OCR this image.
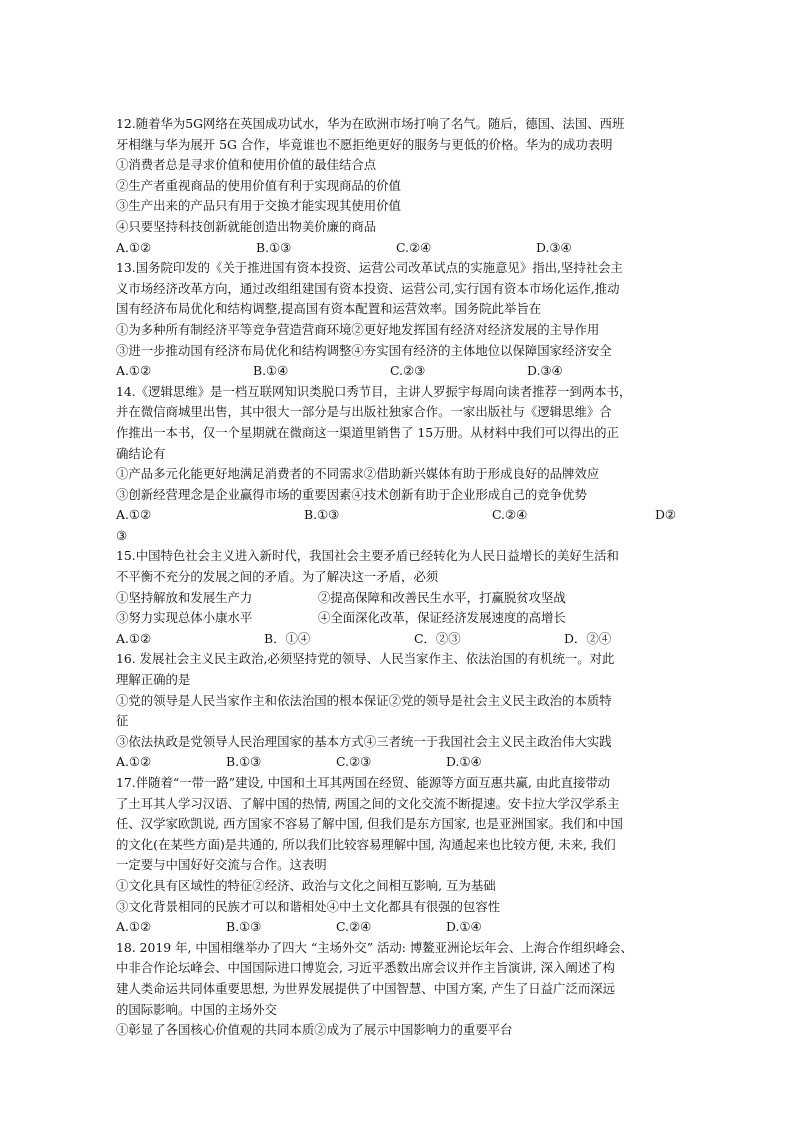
12.随着华为5G网络在英国成功试水，华为在欧洲市场打响了名气。随后，德国、法国、西班
牙相继与华为展开 5G 合作，毕竟谁也不愿拒绝更好的服务与更低的价格。华为的成功表明
①消费者总是寻求价值和使用价值的最佳结合点
②生产者重视商品的使用价值有利于实现商品的价值
③生产出来的产品只有用于交换才能实现其使用价值
④只要坚持科技创新就能创造出物美价廉的商品
A.①②	B.①③	C.②④	D.③④
13.国务院印发的《关于推进国有资本投资、运营公司改革试点的实施意见》指出,坚持社会主
义市场经济改革方向，通过改组组建国有资本投资、运营公司,实行国有资本市场化运作,推动
国有经济布局优化和结构调整,提高国有资本配置和运营效率。国务院此举旨在
①为多种所有制经济平等竞争营造营商环境②更好地发挥国有经济对经济发展的主导作用
③进一步推动国有经济布局优化和结构调整④夯实国有经济的主体地位以保障国家经济安全
A.①②	B.①④	C.②③	D.③④
14.《逻辑思维》是一档互联网知识类脱口秀节目，主讲人罗振宇每周向读者推荐一到两本书，
并在微信商城里出售，其中很大一部分是与出版社独家合作。一家出版社与《逻辑思维》合
作推出一本书，仅一个星期就在微商这一渠道里销售了 15万册。从材料中我们可以得出的正
确结论有
①产品多元化能更好地满足消费者的不同需求②借助新兴媒体有助于形成良好的品牌效应
③创新经营理念是企业赢得市场的重要因素④技术创新有助于企业形成自己的竞争优势
A.①②	B.①③	C.②④	D②
③
15.中国特色社会主义进入新时代，我国社会主要矛盾已经转化为人民日益增长的美好生活和
不平衡不充分的发展之间的矛盾。为了解决这一矛盾，必须
①坚持解放和发展生产力	②提高保障和改善民生水平，打赢脱贫攻坚战
③努力实现总体小康水平	④全面深化改革，保证经济发展速度的高增长
A.①②	B．①④	C．②③	D．②④
16. 发展社会主义民主政治,必须坚持党的领导、人民当家作主、依法治国的有机统一。对此
理解正确的是
①党的领导是人民当家作主和依法治国的根本保证②党的领导是社会主义民主政治的本质特
征
③依法执政是党领导人民治理国家的基本方式④三者统一于我国社会主义民主政治伟大实践
A.①②	B.①③	C.②③	D.①④
17.伴随着“一带一路”建设, 中国和土耳其两国在经贸、能源等方面互惠共赢, 由此直接带动
了土耳其人学习汉语、了解中国的热情, 两国之间的文化交流不断提速。安卡拉大学汉学系主
任、汉学家欧凯说, 西方国家不容易了解中国, 但我们是东方国家, 也是亚洲国家。我们和中国
的文化(在某些方面)是共通的, 所以我们比较容易理解中国, 沟通起来也比较方便, 未来, 我们
一定要与中国好好交流与合作。这表明
①文化具有区域性的特征②经济、政治与文化之间相互影响, 互为基础
③文化背景相同的民族才可以和谐相处④中土文化都具有很强的包容性
A.①②	B.①③	C.②④	D.①④
18. 2019 年, 中国相继举办了四大 “主场外交” 活动: 博鳌亚洲论坛年会、上海合作组织峰会、
中非合作论坛峰会、中国国际进口博览会, 习近平悉数出席会议并作主旨演讲, 深入阐述了构
建人类命运共同体重要思想, 为世界发展提供了中国智慧、中国方案, 产生了日益广泛而深远
的国际影响。中国的主场外交
①彰显了各国核心价值观的共同本质②成为了展示中国影响力的重要平台
